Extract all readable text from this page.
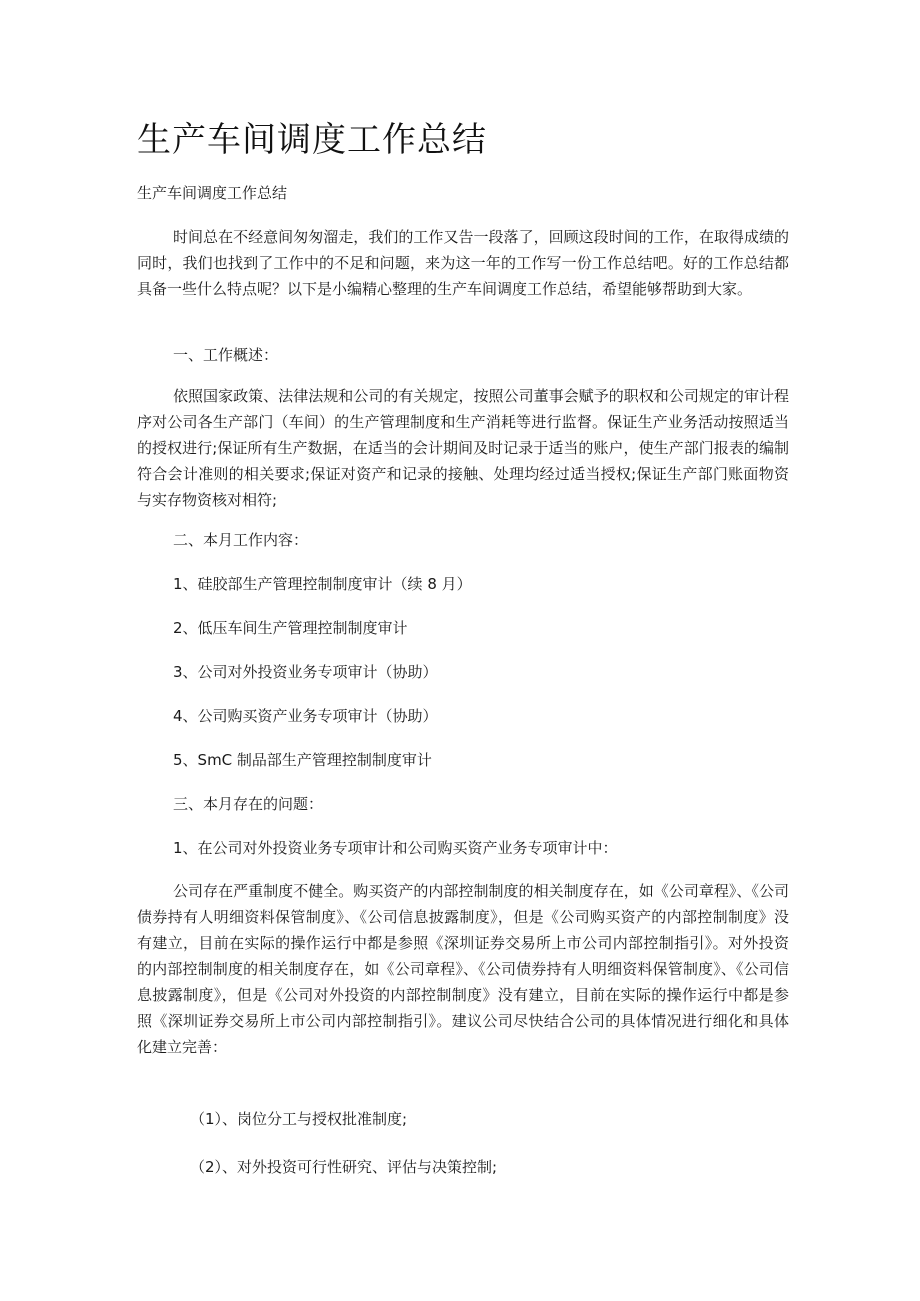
生产车间调度工作总结

生产车间调度工作总结

时间总在不经意间匆匆溜走，我们的工作又告一段落了，回顾这段时间的工作，在取得成绩的同时，我们也找到了工作中的不足和问题，来为这一年的工作写一份工作总结吧。好的工作总结都具备一些什么特点呢？以下是小编精心整理的生产车间调度工作总结，希望能够帮助到大家。

一、工作概述：

依照国家政策、法律法规和公司的有关规定，按照公司董事会赋予的职权和公司规定的审计程序对公司各生产部门（车间）的生产管理制度和生产消耗等进行监督。保证生产业务活动按照适当的授权进行;保证所有生产数据，在适当的会计期间及时记录于适当的账户，使生产部门报表的编制符合会计准则的相关要求;保证对资产和记录的接触、处理均经过适当授权;保证生产部门账面物资与实存物资核对相符;

二、本月工作内容：

1、硅胶部生产管理控制制度审计（续 8 月）

2、低压车间生产管理控制制度审计

3、公司对外投资业务专项审计（协助）

4、公司购买资产业务专项审计（协助）

5、SmC 制品部生产管理控制制度审计

三、本月存在的问题：

1、在公司对外投资业务专项审计和公司购买资产业务专项审计中：

公司存在严重制度不健全。购买资产的内部控制制度的相关制度存在，如《公司章程》、《公司债券持有人明细资料保管制度》、《公司信息披露制度》，但是《公司购买资产的内部控制制度》没有建立，目前在实际的操作运行中都是参照《深圳证券交易所上市公司内部控制指引》。对外投资的内部控制制度的相关制度存在，如《公司章程》、《公司债券持有人明细资料保管制度》、《公司信息披露制度》，但是《公司对外投资的内部控制制度》没有建立，目前在实际的操作运行中都是参照《深圳证券交易所上市公司内部控制指引》。建议公司尽快结合公司的具体情况进行细化和具体化建立完善：

（1）、岗位分工与授权批准制度;

（2）、对外投资可行性研究、评估与决策控制;
